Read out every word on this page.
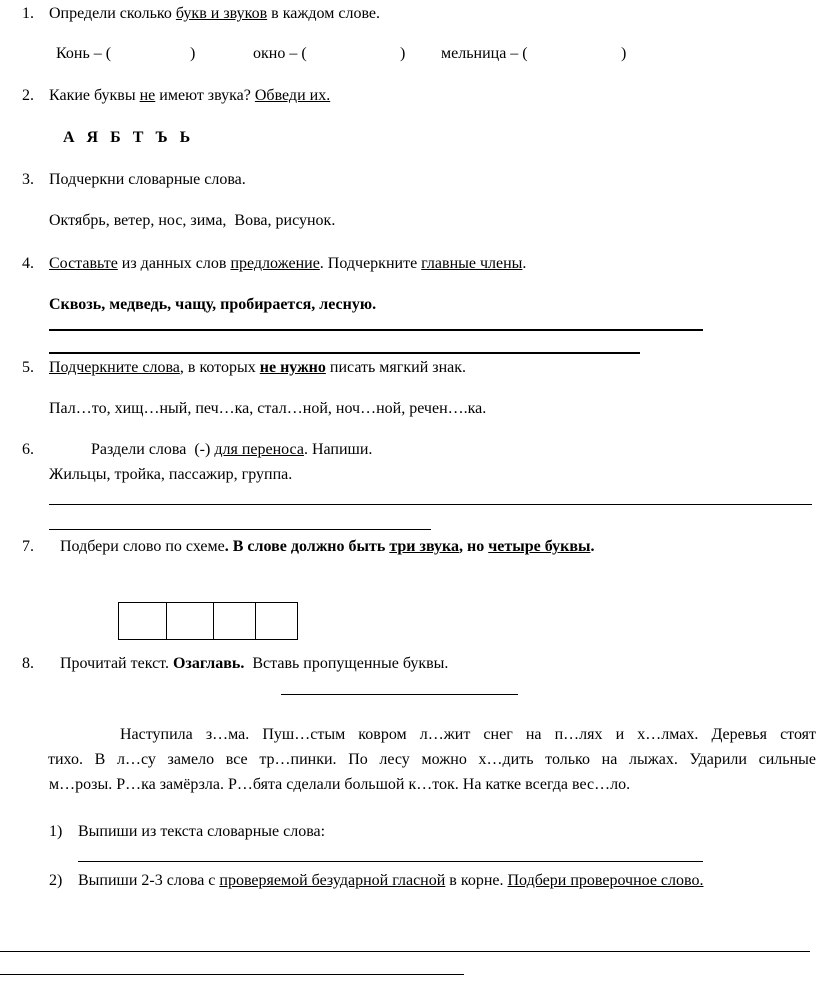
1. Определи сколько букв и звуков в каждом слове.
Конь – (	)	окно – (	) мельница – (	)
2. Какие буквы не имеют звука? Обведи их.
А   Я   Б   Т   Ъ   Ь
3. Подчеркни словарные слова.
Октябрь, ветер, нос, зима,  Вова, рисунок.
4. Составьте из данных слов предложение. Подчеркните главные члены.
Сквозь, медведь, чащу, пробирается, лесную.
5. Подчеркните слова, в которых не нужно писать мягкий знак.
Пал…то, хищ…ный, печ…ка, стал…ной, ноч…ной, речен….ка.
6.	Раздели слова  (-) для переноса. Напиши.
Жильцы, тройка, пассажир, группа.
7. Подбери слово по схеме. В слове должно быть три звука, но четыре буквы.
8. Прочитай текст. Озаглавь.  Вставь пропущенные буквы.
Наступила з…ма. Пуш…стым ковром л…жит снег на п…лях и х…лмах. Деревья стоят
тихо. В л…су замело все тр…пинки. По лесу можно х…дить только на лыжах. Ударили сильные
м…розы. Р…ка замёрзла. Р…бята сделали большой к…ток. На катке всегда вес…ло.
1) Выпиши из текста словарные слова:
2) Выпиши 2-3 слова с проверяемой безударной гласной в корне. Подбери проверочное слово.
